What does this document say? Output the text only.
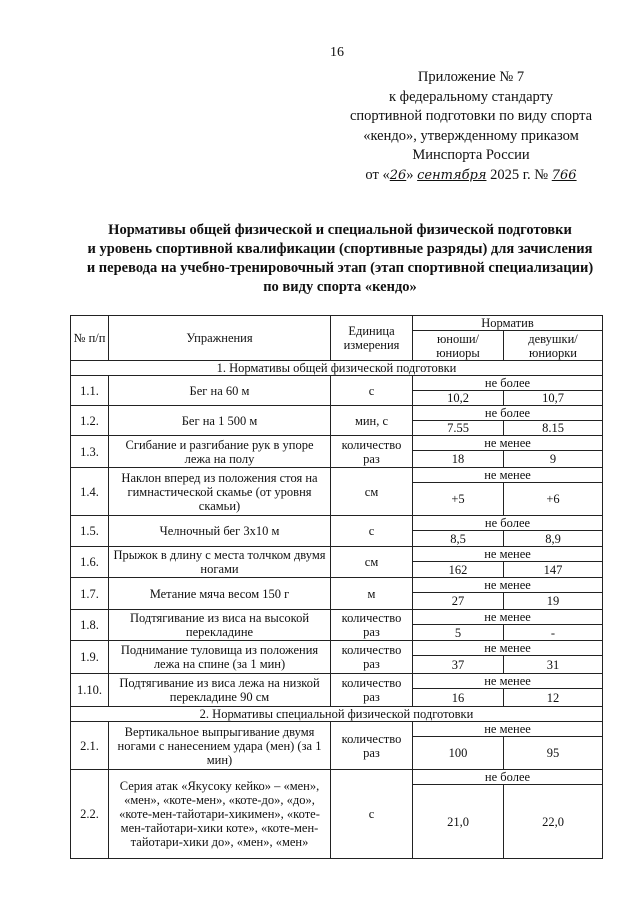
16
Приложение № 7
к федеральному стандарту
спортивной подготовки по виду спорта
«кендо», утвержденному приказом
Минспорта России
от «26» сентября 2025 г. № 766
Нормативы общей физической и специальной физической подготовки
и уровень спортивной квалификации (спортивные разряды) для зачисления
и перевода на учебно-тренировочный этап (этап спортивной специализации)
по виду спорта «кендо»
№ п/п	Упражнения	Единица измерения	Норматив	
			юноши/ юниоры	девушки/ юниорки
1. Нормативы общей физической подготовки				
1.1.	Бег на 60 м	с	не более	
			10,2	10,7
1.2.	Бег на 1 500 м	мин, с	не более	
			7.55	8.15
1.3.	Сгибание и разгибание рук в упоре лежа на полу	количество раз	не менее	
			18	9
1.4.	Наклон вперед из положения стоя на гимнастической скамье (от уровня скамьи)	см	не менее	
			+5	+6
1.5.	Челночный бег 3х10 м	с	не более	
			8,5	8,9
1.6.	Прыжок в длину с места толчком двумя ногами	см	не менее	
			162	147
1.7.	Метание мяча весом 150 г	м	не менее	
			27	19
1.8.	Подтягивание из виса на высокой перекладине	количество раз	не менее	
			5	-
1.9.	Поднимание туловища из положения лежа на спине (за 1 мин)	количество раз	не менее	
			37	31
1.10.	Подтягивание из виса лежа на низкой перекладине 90 см	количество раз	не менее	
			16	12
2. Нормативы специальной физической подготовки				
2.1.	Вертикальное выпрыгивание двумя ногами с нанесением удара (мен) (за 1 мин)	количество раз	не менее	
			100	95
2.2.	Серия атак «Якусоку кейко» – «мен», «мен», «коте-мен», «коте-до», «до», «коте-мен-тайотари-хикимен», «коте-мен-тайотари-хики коте», «коте-мен-тайотари-хики до», «мен», «мен»	с	не более	
			21,0	22,0
